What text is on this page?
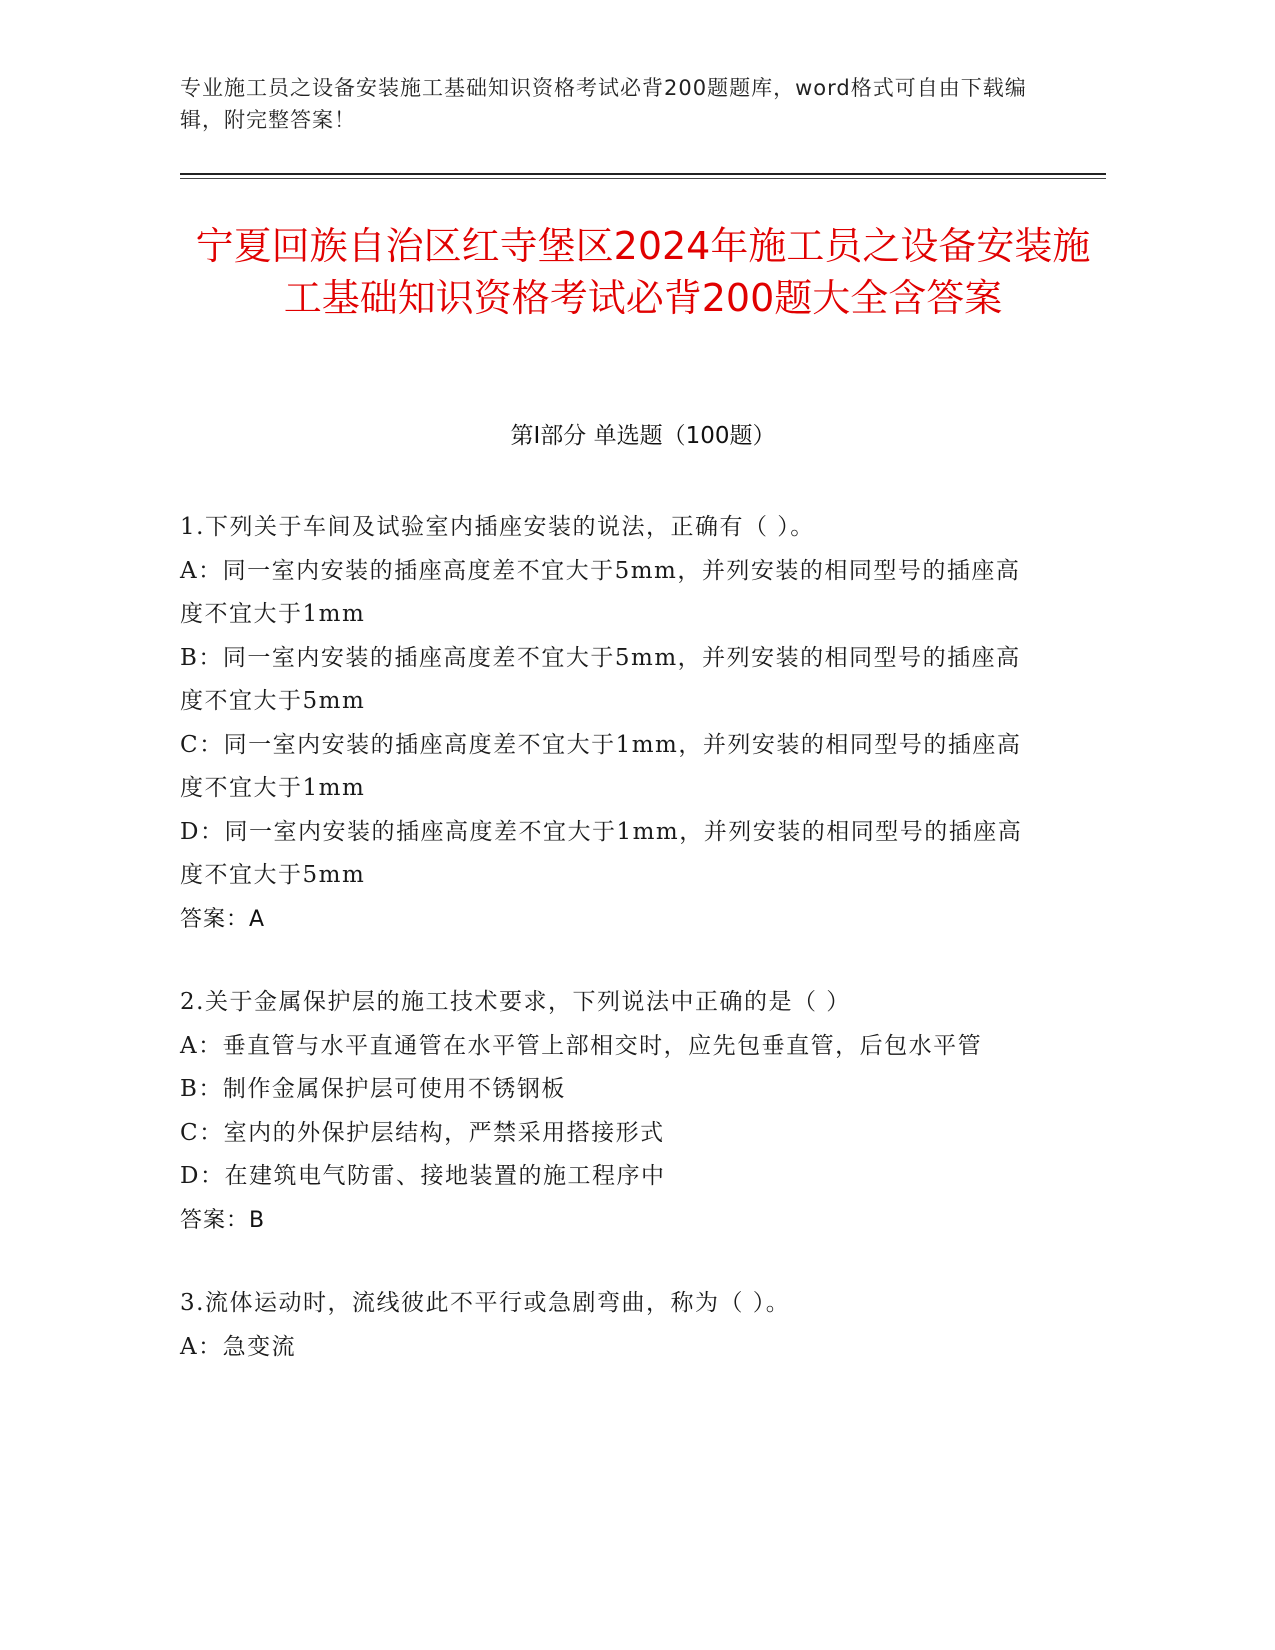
专业施工员之设备安装施工基础知识资格考试必背200题题库，word格式可自由下载编辑，附完整答案！
宁夏回族自治区红寺堡区2024年施工员之设备安装施工基础知识资格考试必背200题大全含答案
第Ⅰ部分 单选题（100题）
1.下列关于车间及试验室内插座安装的说法，正确有（ ）。
A：同一室内安装的插座高度差不宜大于5mm，并列安装的相同型号的插座高度不宜大于1mm
B：同一室内安装的插座高度差不宜大于5mm，并列安装的相同型号的插座高度不宜大于5mm
C：同一室内安装的插座高度差不宜大于1mm，并列安装的相同型号的插座高度不宜大于1mm
D：同一室内安装的插座高度差不宜大于1mm，并列安装的相同型号的插座高度不宜大于5mm
答案：A
2.关于金属保护层的施工技术要求，下列说法中正确的是（ ）
A：垂直管与水平直通管在水平管上部相交时，应先包垂直管，后包水平管
B：制作金属保护层可使用不锈钢板
C：室内的外保护层结构，严禁采用搭接形式
D：在建筑电气防雷、接地装置的施工程序中
答案：B
3.流体运动时，流线彼此不平行或急剧弯曲，称为（ ）。
A：急变流
